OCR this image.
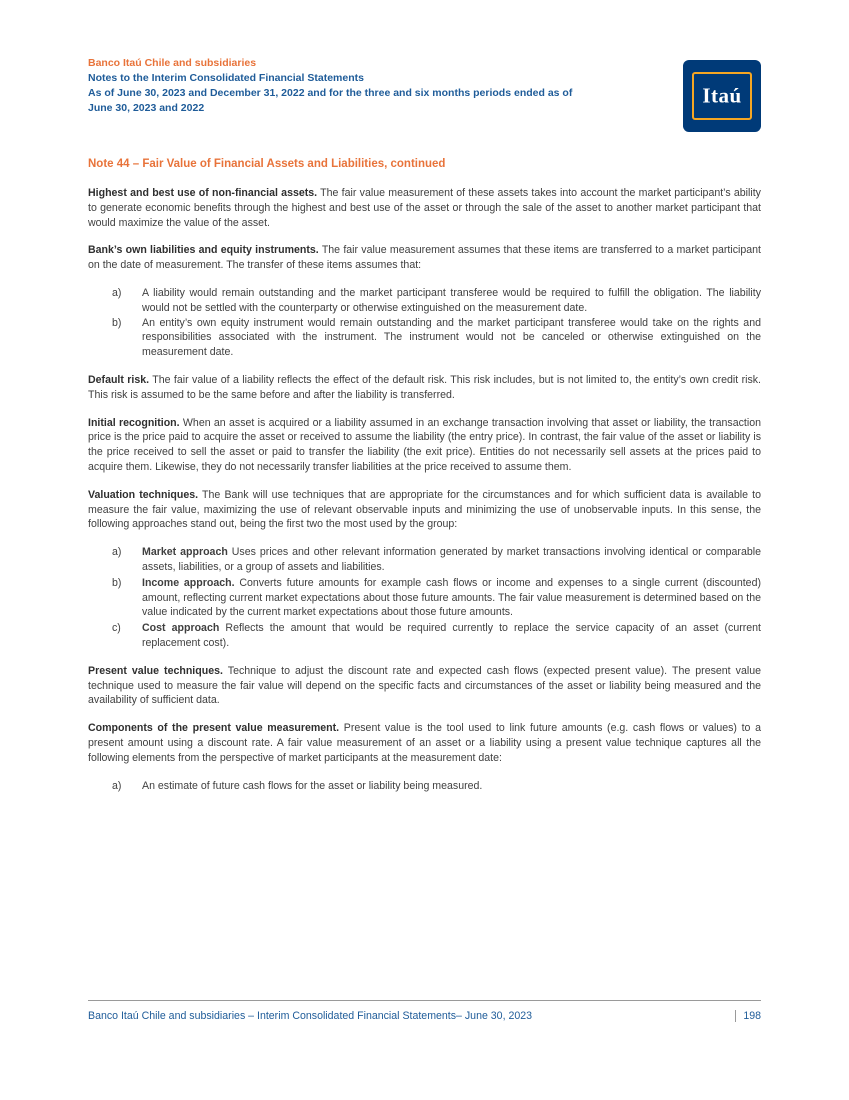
Banco Itaú Chile and subsidiaries
Notes to the Interim Consolidated Financial Statements
As of June 30, 2023 and December 31, 2022 and for the three and six months periods ended as of
June 30, 2023 and 2022
Itaú
Note 44 – Fair Value of Financial Assets and Liabilities, continued

Highest and best use of non-financial assets. The fair value measurement of these assets takes into account the market participant’s ability to generate economic benefits through the highest and best use of the asset or through the sale of the asset to another market participant that would maximize the value of the asset.

Bank’s own liabilities and equity instruments. The fair value measurement assumes that these items are transferred to a market participant on the date of measurement. The transfer of these items assumes that:

a)	A liability would remain outstanding and the market participant transferee would be required to fulfill the obligation. The liability would not be settled with the counterparty or otherwise extinguished on the measurement date.
b)	An entity’s own equity instrument would remain outstanding and the market participant transferee would take on the rights and responsibilities associated with the instrument. The instrument would not be canceled or otherwise extinguished on the measurement date.

Default risk. The fair value of a liability reflects the effect of the default risk. This risk includes, but is not limited to, the entity’s own credit risk. This risk is assumed to be the same before and after the liability is transferred.

Initial recognition. When an asset is acquired or a liability assumed in an exchange transaction involving that asset or liability, the transaction price is the price paid to acquire the asset or received to assume the liability (the entry price). In contrast, the fair value of the asset or liability is the price received to sell the asset or paid to transfer the liability (the exit price). Entities do not necessarily sell assets at the prices paid to acquire them. Likewise, they do not necessarily transfer liabilities at the price received to assume them.

Valuation techniques. The Bank will use techniques that are appropriate for the circumstances and for which sufficient data is available to measure the fair value, maximizing the use of relevant observable inputs and minimizing the use of unobservable inputs. In this sense, the following approaches stand out, being the first two the most used by the group:

a)	Market approach Uses prices and other relevant information generated by market transactions involving identical or comparable assets, liabilities, or a group of assets and liabilities.
b)	Income approach. Converts future amounts for example cash flows or income and expenses to a single current (discounted) amount, reflecting current market expectations about those future amounts. The fair value measurement is determined based on the value indicated by the current market expectations about those future amounts.
c)	Cost approach Reflects the amount that would be required currently to replace the service capacity of an asset (current replacement cost).

Present value techniques. Technique to adjust the discount rate and expected cash flows (expected present value). The present value technique used to measure the fair value will depend on the specific facts and circumstances of the asset or liability being measured and the availability of sufficient data.

Components of the present value measurement. Present value is the tool used to link future amounts (e.g. cash flows or values) to a present amount using a discount rate. A fair value measurement of an asset or a liability using a present value technique captures all the following elements from the perspective of market participants at the measurement date:

a)	An estimate of future cash flows for the asset or liability being measured.
Banco Itaú Chile and subsidiaries – Interim Consolidated Financial Statements– June 30, 2023	198
